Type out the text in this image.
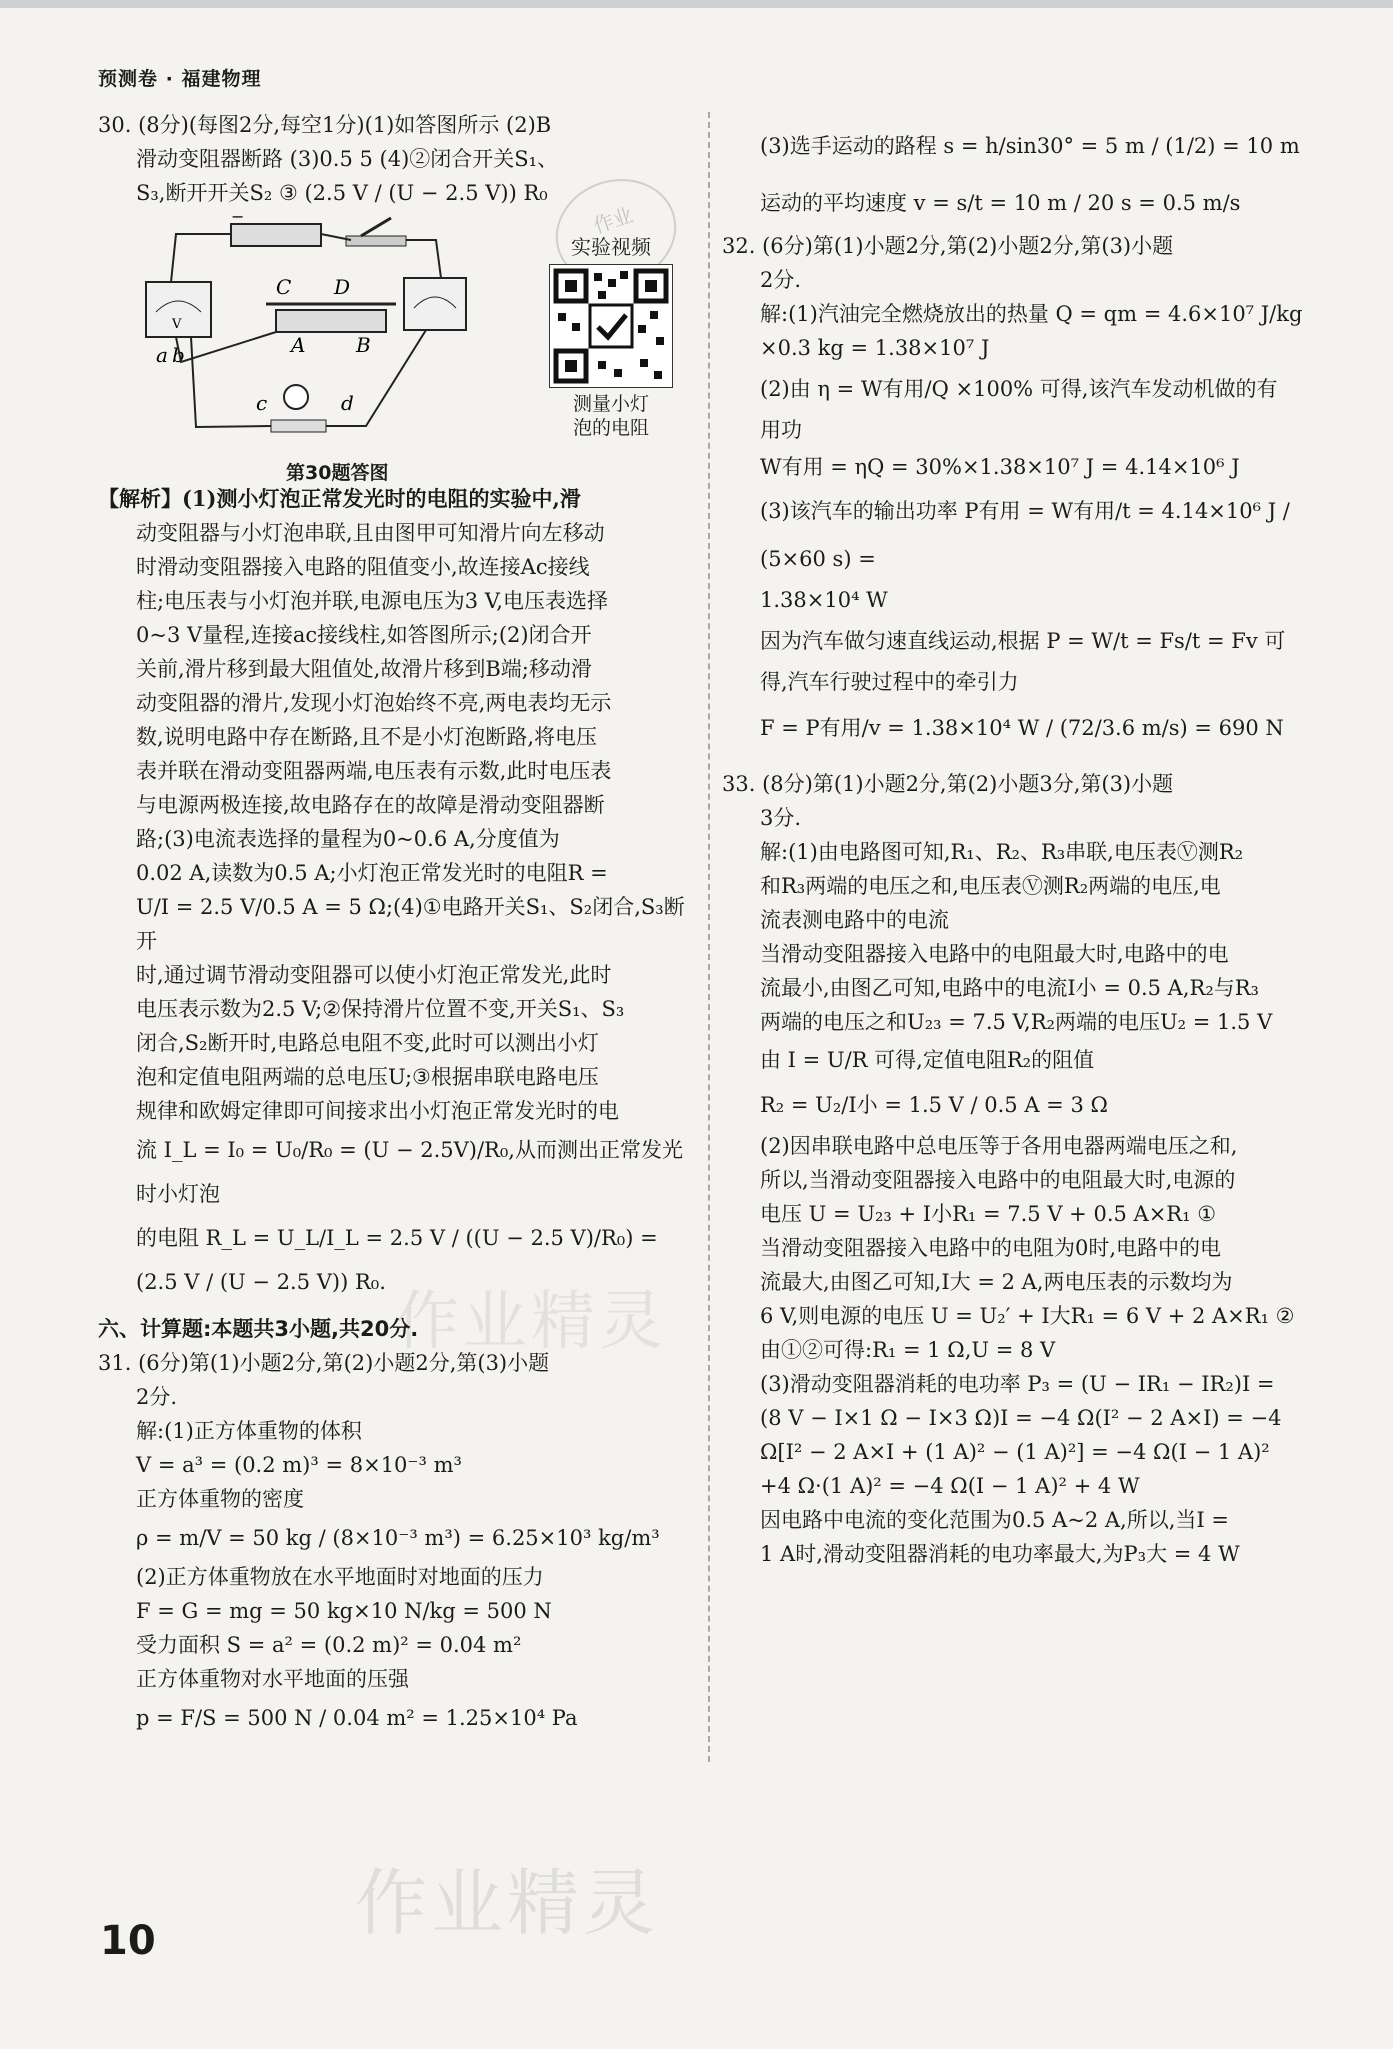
预测卷 · 福建物理
作业
作业精灵

30. (8分)(每图2分,每空1分)(1)如答图所示 (2)B

滑动变阻器断路 (3)0.5 5 (4)②闭合开关S₁、

S₃,断开开关S₂ ③ (2.5 V / (U − 2.5 V)) R₀

−
V
C D
A	B
c	d
a b
实验视频
测量小灯
泡的电阻
第30题答图

【解析】(1)测小灯泡正常发光时的电阻的实验中,滑

动变阻器与小灯泡串联,且由图甲可知滑片向左移动

时滑动变阻器接入电路的阻值变小,故连接Ac接线

柱;电压表与小灯泡并联,电源电压为3 V,电压表选择

0~3 V量程,连接ac接线柱,如答图所示;(2)闭合开

关前,滑片移到最大阻值处,故滑片移到B端;移动滑

动变阻器的滑片,发现小灯泡始终不亮,两电表均无示

数,说明电路中存在断路,且不是小灯泡断路,将电压

表并联在滑动变阻器两端,电压表有示数,此时电压表

与电源两极连接,故电路存在的故障是滑动变阻器断

路;(3)电流表选择的量程为0~0.6 A,分度值为

0.02 A,读数为0.5 A;小灯泡正常发光时的电阻R =

U/I = 2.5 V/0.5 A = 5 Ω;(4)①电路开关S₁、S₂闭合,S₃断开

时,通过调节滑动变阻器可以使小灯泡正常发光,此时

电压表示数为2.5 V;②保持滑片位置不变,开关S₁、S₃

闭合,S₂断开时,电路总电阻不变,此时可以测出小灯

泡和定值电阻两端的总电压U;③根据串联电路电压

规律和欧姆定律即可间接求出小灯泡正常发光时的电

流 I_L = I₀ = U₀/R₀ = (U − 2.5V)/R₀,从而测出正常发光时小灯泡

的电阻 R_L = U_L/I_L = 2.5 V / ((U − 2.5 V)/R₀) = (2.5 V / (U − 2.5 V)) R₀.

六、计算题:本题共3小题,共20分.

31. (6分)第(1)小题2分,第(2)小题2分,第(3)小题

2分.

解:(1)正方体重物的体积

V = a³ = (0.2 m)³ = 8×10⁻³ m³

正方体重物的密度

ρ = m/V = 50 kg / (8×10⁻³ m³) = 6.25×10³ kg/m³

(2)正方体重物放在水平地面时对地面的压力

F = G = mg = 50 kg×10 N/kg = 500 N

受力面积 S = a² = (0.2 m)² = 0.04 m²

正方体重物对水平地面的压强

p = F/S = 500 N / 0.04 m² = 1.25×10⁴ Pa

(3)选手运动的路程 s = h/sin30° = 5 m / (1/2) = 10 m

运动的平均速度 v = s/t = 10 m / 20 s = 0.5 m/s

32. (6分)第(1)小题2分,第(2)小题2分,第(3)小题

2分.

解:(1)汽油完全燃烧放出的热量 Q = qm = 4.6×10⁷ J/kg

×0.3 kg = 1.38×10⁷ J

(2)由 η = W有用/Q ×100% 可得,该汽车发动机做的有

用功

W有用 = ηQ = 30%×1.38×10⁷ J = 4.14×10⁶ J

(3)该汽车的输出功率 P有用 = W有用/t = 4.14×10⁶ J / (5×60 s) =

1.38×10⁴ W

因为汽车做匀速直线运动,根据 P = W/t = Fs/t = Fv 可

得,汽车行驶过程中的牵引力

F = P有用/v = 1.38×10⁴ W / (72/3.6 m/s) = 690 N

33. (8分)第(1)小题2分,第(2)小题3分,第(3)小题

3分.

解:(1)由电路图可知,R₁、R₂、R₃串联,电压表Ⓥ测R₂

和R₃两端的电压之和,电压表Ⓥ测R₂两端的电压,电

流表测电路中的电流

当滑动变阻器接入电路中的电阻最大时,电路中的电

流最小,由图乙可知,电路中的电流I小 = 0.5 A,R₂与R₃

两端的电压之和U₂₃ = 7.5 V,R₂两端的电压U₂ = 1.5 V

由 I = U/R 可得,定值电阻R₂的阻值

R₂ = U₂/I小 = 1.5 V / 0.5 A = 3 Ω

(2)因串联电路中总电压等于各用电器两端电压之和,

所以,当滑动变阻器接入电路中的电阻最大时,电源的

电压 U = U₂₃ + I小R₁ = 7.5 V + 0.5 A×R₁ ①

当滑动变阻器接入电路中的电阻为0时,电路中的电

流最大,由图乙可知,I大 = 2 A,两电压表的示数均为

6 V,则电源的电压 U = U₂′ + I大R₁ = 6 V + 2 A×R₁ ②

由①②可得:R₁ = 1 Ω,U = 8 V

(3)滑动变阻器消耗的电功率 P₃ = (U − IR₁ − IR₂)I =

(8 V − I×1 Ω − I×3 Ω)I = −4 Ω(I² − 2 A×I) = −4

Ω[I² − 2 A×I + (1 A)² − (1 A)²] = −4 Ω(I − 1 A)²

+4 Ω·(1 A)² = −4 Ω(I − 1 A)² + 4 W

因电路中电流的变化范围为0.5 A~2 A,所以,当I =

1 A时,滑动变阻器消耗的电功率最大,为P₃大 = 4 W

作业精灵
10
